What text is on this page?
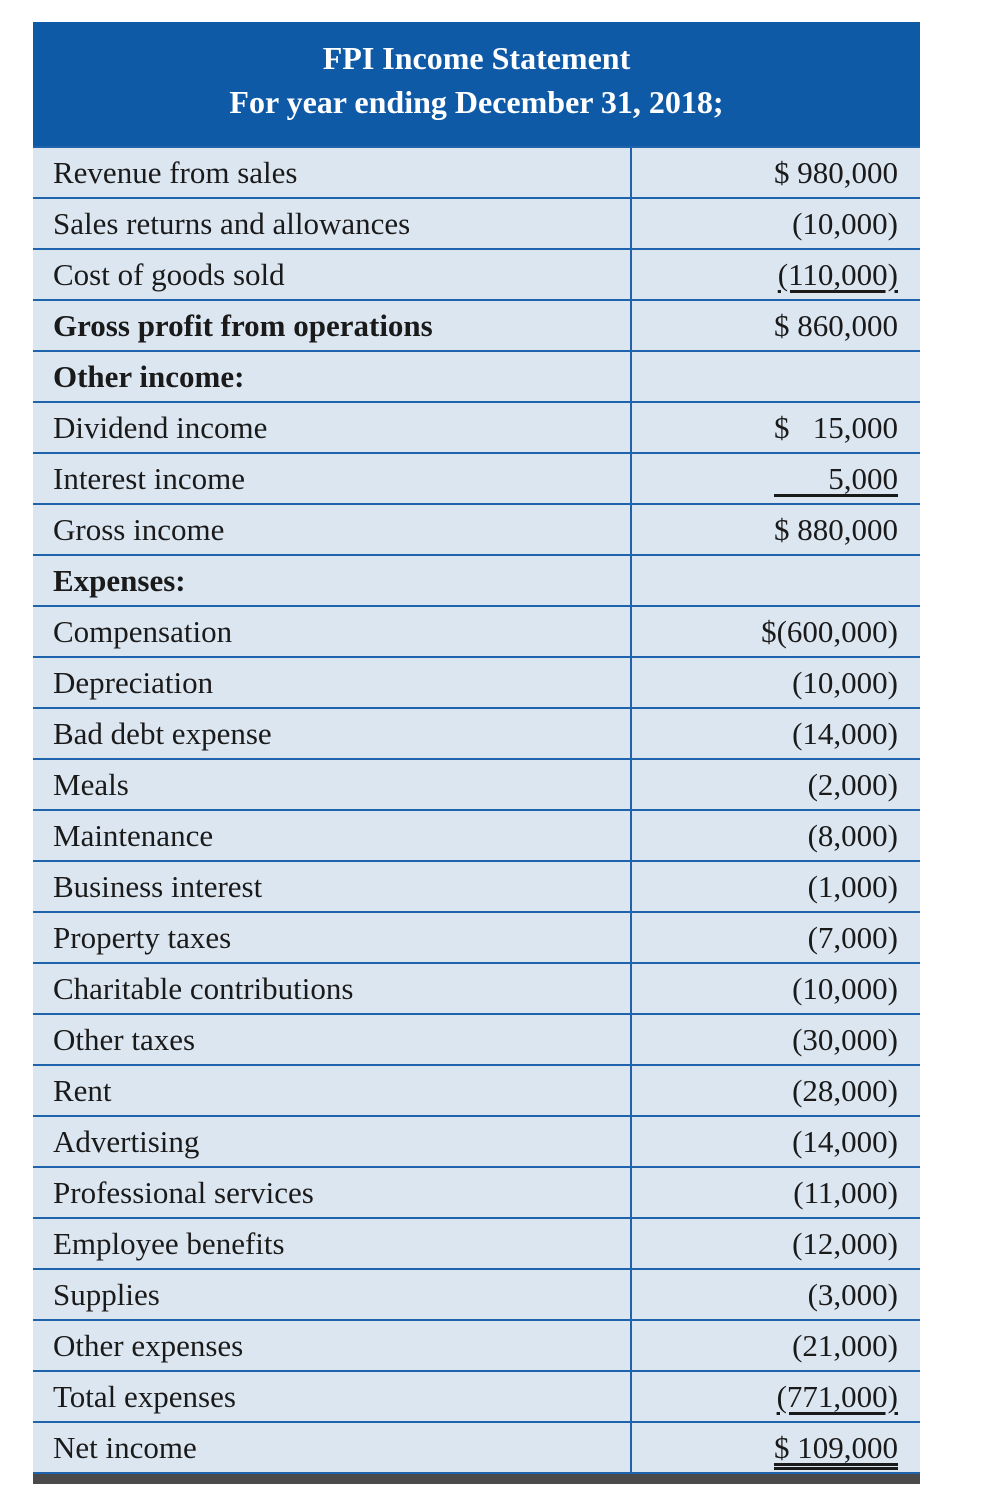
FPI Income Statement
For year ending December 31, 2018;
Revenue from sales	$ 980,000
Sales returns and allowances	(10,000)
Cost of goods sold	(110,000)
Gross profit from operations	$ 860,000
Other income:	
Dividend income	$   15,000
Interest income	5,000
Gross income	$ 880,000
Expenses:	
Compensation	$(600,000)
Depreciation	(10,000)
Bad debt expense	(14,000)
Meals	(2,000)
Maintenance	(8,000)
Business interest	(1,000)
Property taxes	(7,000)
Charitable contributions	(10,000)
Other taxes	(30,000)
Rent	(28,000)
Advertising	(14,000)
Professional services	(11,000)
Employee benefits	(12,000)
Supplies	(3,000)
Other expenses	(21,000)
Total expenses	(771,000)
Net income	$ 109,000
